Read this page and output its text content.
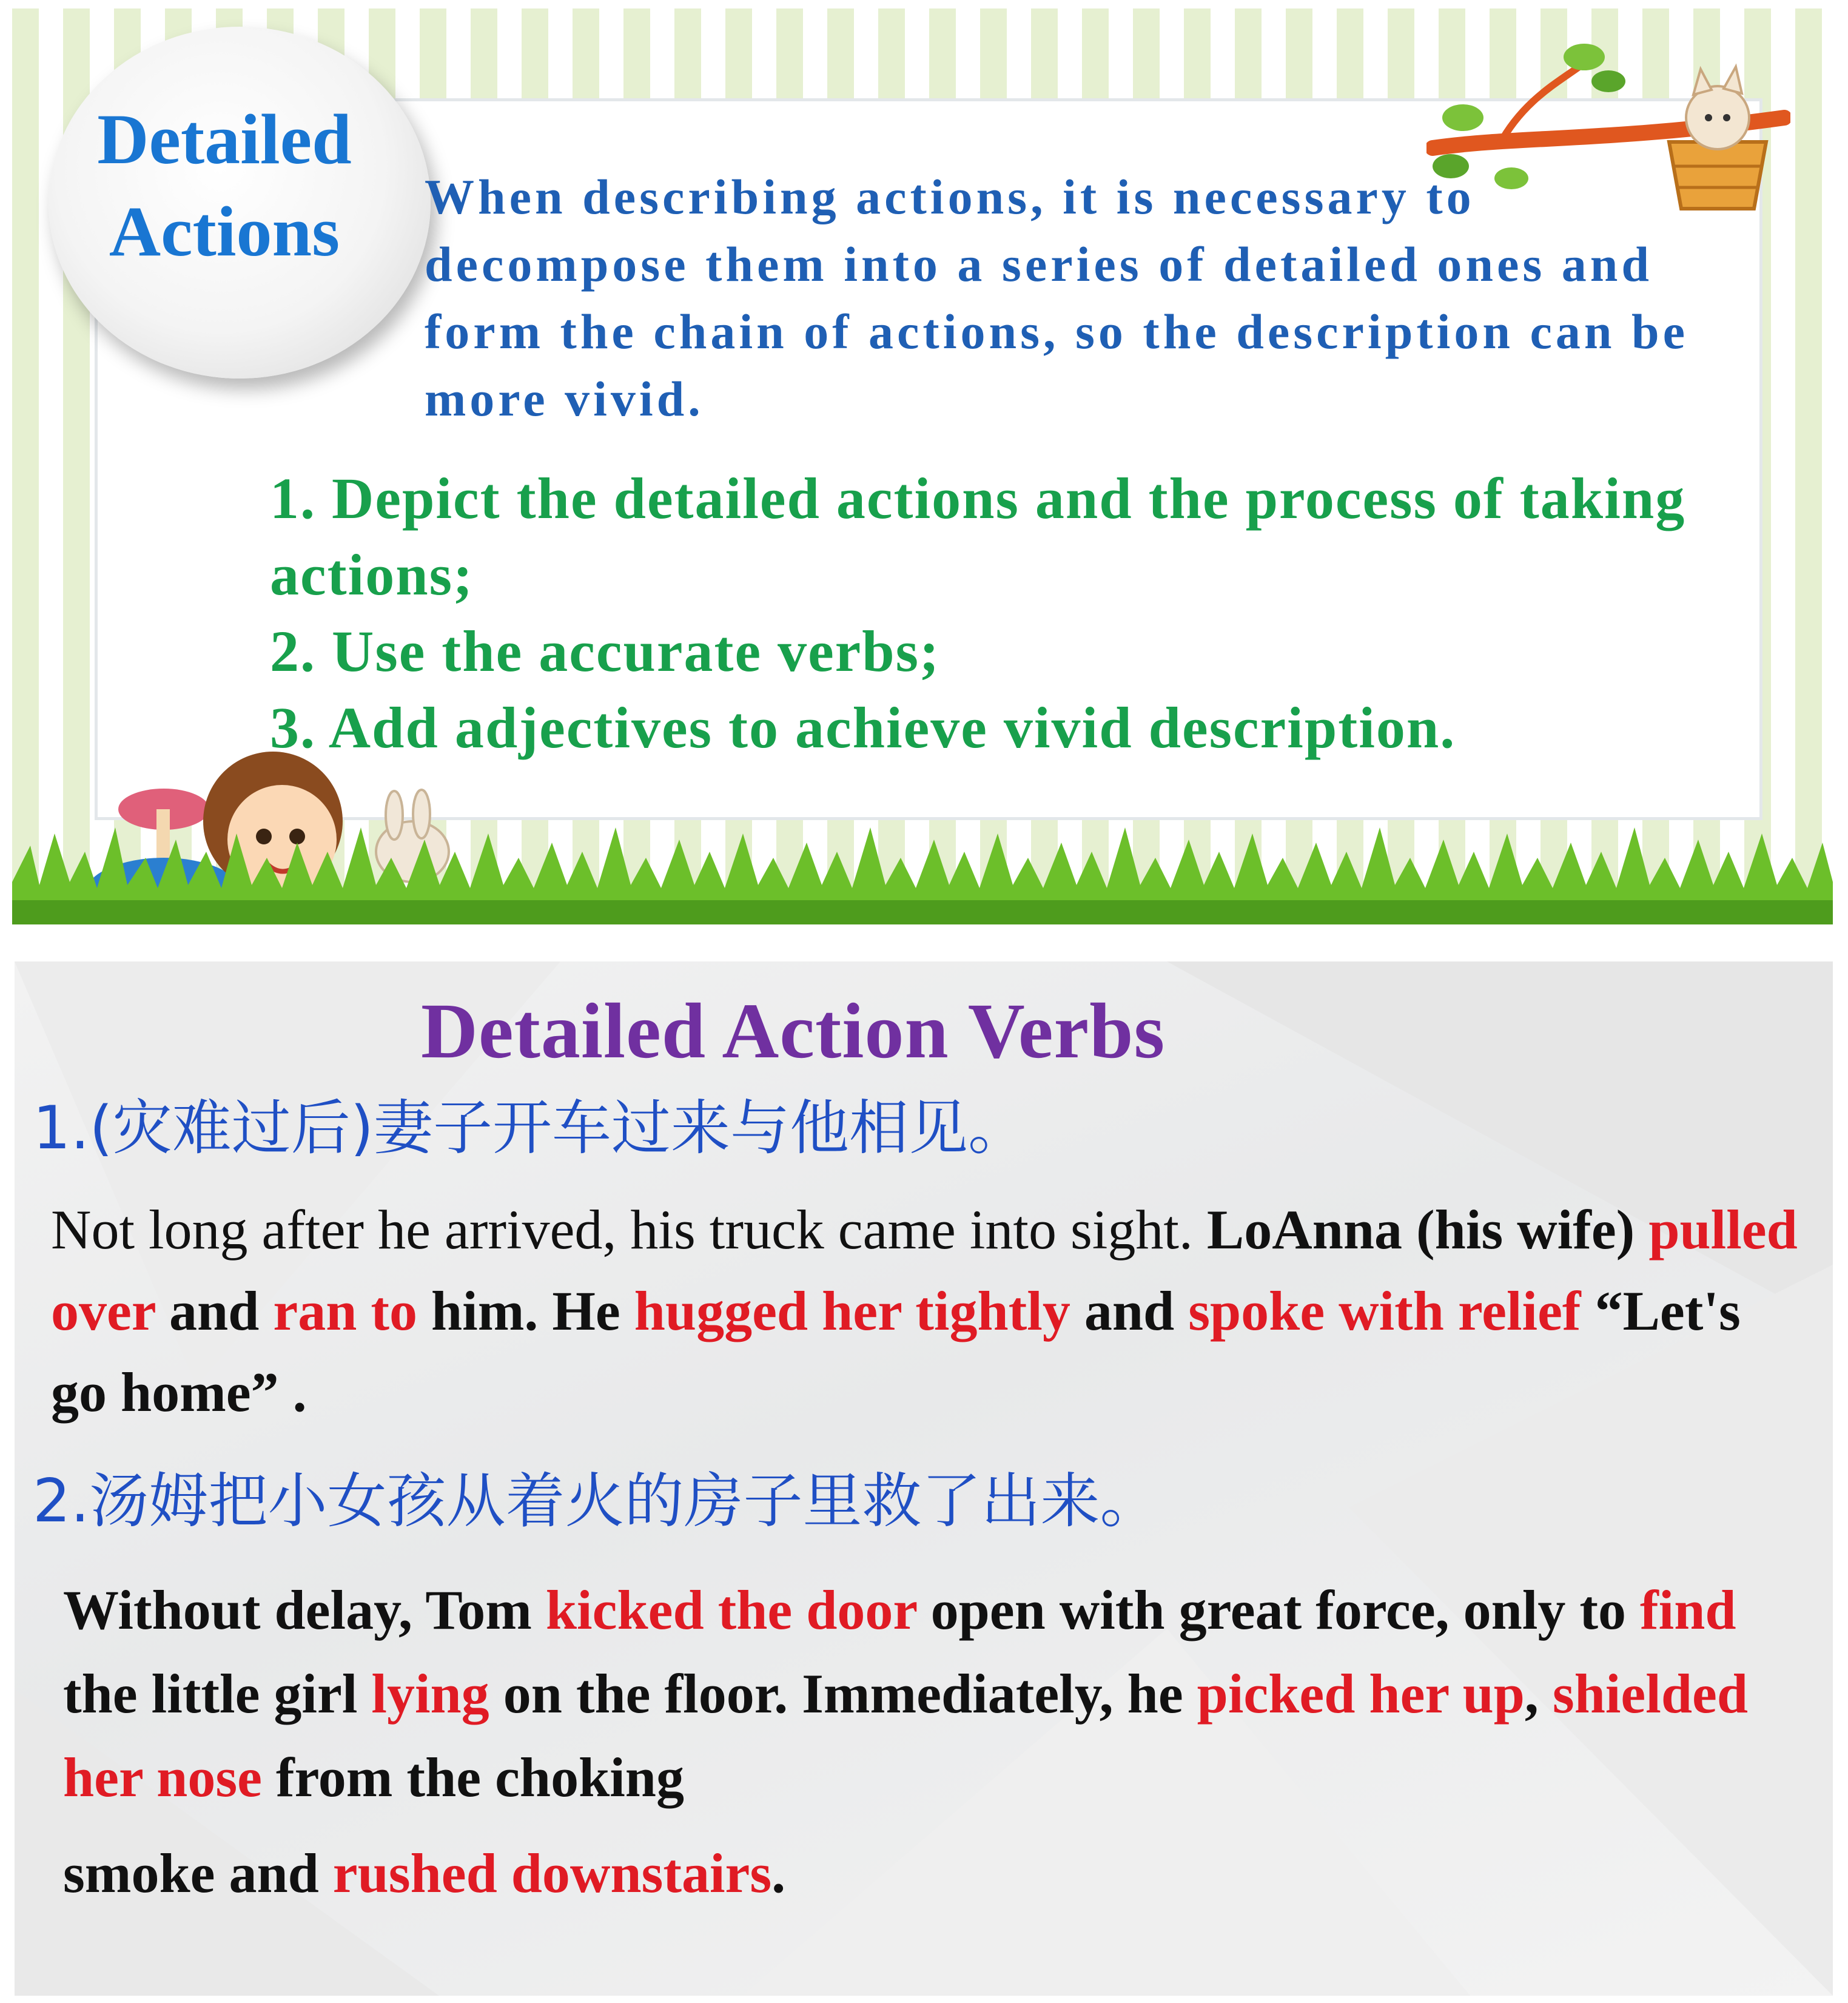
Detailed
Actions	When describing actions, it is necessary to decompose them into a series of detailed ones and form the chain of actions, so the description can be more vivid.
1. Depict the detailed actions and the process of taking actions;
2. Use the accurate verbs;
3. Add adjectives to achieve vivid description.
Detailed Action Verbs
1.(灾难过后)妻子开车过来与他相见。
Not long after he arrived, his truck came into sight. LoAnna (his wife) pulled over and ran to him. He hugged her tightly and spoke with relief “Let's go home” .
2.汤姆把小女孩从着火的房子里救了出来。
Without delay, Tom kicked the door open with great force, only to find the little girl lying on the floor. Immediately, he picked her up, shielded her nose from the choking
smoke and rushed downstairs.
